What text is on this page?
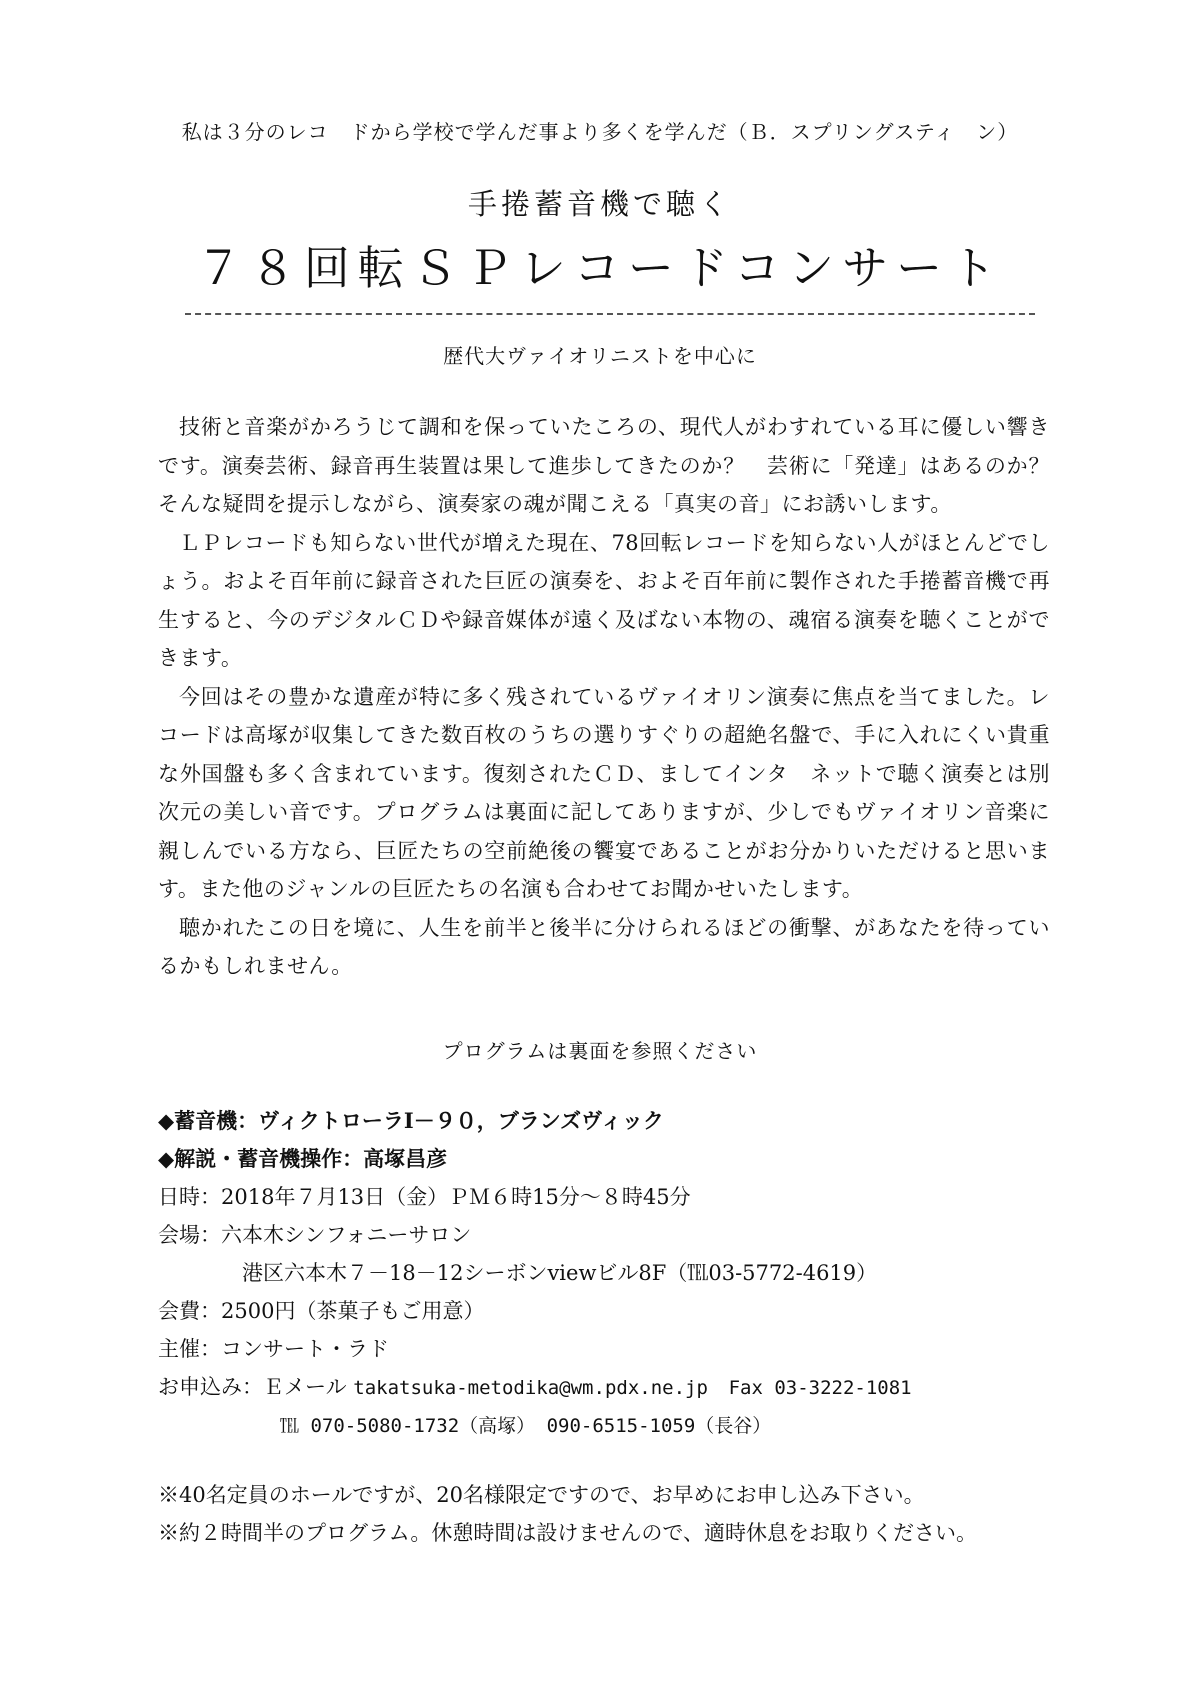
私は３分のレコ　ドから学校で学んだ事より多くを学んだ（Ｂ．スプリングスティ　ン）
手捲蓄音機で聴く
７８回転ＳＰレコードコンサート
歴代大ヴァイオリニストを中心に

技術と音楽がかろうじて調和を保っていたころの、現代人がわすれている耳に優しい響きです。演奏芸術、録音再生装置は果して進歩してきたのか？　芸術に「発達」はあるのか？　そんな疑問を提示しながら、演奏家の魂が聞こえる「真実の音」にお誘いします。

ＬＰレコードも知らない世代が増えた現在、78回転レコードを知らない人がほとんどでしょう。およそ百年前に録音された巨匠の演奏を、およそ百年前に製作された手捲蓄音機で再生すると、今のデジタルＣＤや録音媒体が遠く及ばない本物の、魂宿る演奏を聴くことができます。

今回はその豊かな遺産が特に多く残されているヴァイオリン演奏に焦点を当てました。レコードは高塚が収集してきた数百枚のうちの選りすぐりの超絶名盤で、手に入れにくい貴重な外国盤も多く含まれています。復刻されたＣＤ、ましてインタ　ネットで聴く演奏とは別次元の美しい音です。プログラムは裏面に記してありますが、少しでもヴァイオリン音楽に親しんでいる方なら、巨匠たちの空前絶後の饗宴であることがお分かりいただけると思います。また他のジャンルの巨匠たちの名演も合わせてお聞かせいたします。

聴かれたこの日を境に、人生を前半と後半に分けられるほどの衝撃、があなたを待っているかもしれません。

プログラムは裏面を参照ください
◆蓄音機：ヴィクトローラⅠ－９０，ブランズヴィック
◆解説・蓄音機操作：高塚昌彦
日時：2018年７月13日（金）ＰＭ６時15分～８時45分
会場：六本木シンフォニーサロン
港区六本木７－18－12シーボンviewビル8F（℡03-5772-4619）
会費：2500円（茶菓子もご用意）
主催：コンサート・ラド
お申込み：Ｅメール takatsuka-metodika@wm.pdx.ne.jp Fax 03-3222-1081
℡ 070-5080-1732（高塚） 090-6515-1059（長谷）
※40名定員のホールですが、20名様限定ですので、お早めにお申し込み下さい。
※約２時間半のプログラム。休憩時間は設けませんので、適時休息をお取りください。
